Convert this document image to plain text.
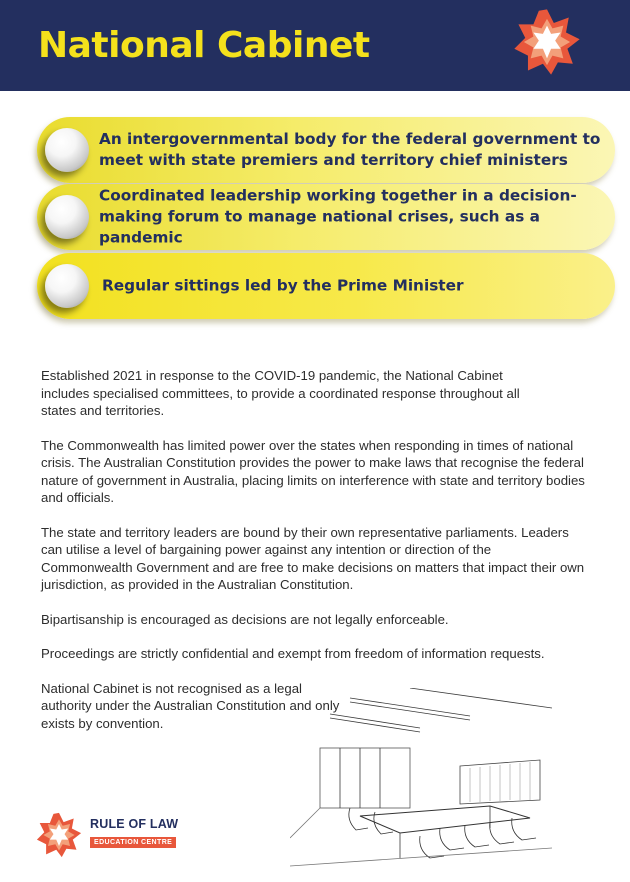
National Cabinet
An intergovernmental body for the federal government to meet with state premiers and territory chief ministers
Coordinated leadership working together in a decision-making forum to manage national crises, such as a pandemic
Regular sittings led by the Prime Minister

Established 2021 in response to the COVID-19 pandemic, the National Cabinet includes specialised committees, to provide a coordinated response throughout all states and territories.

The Commonwealth has limited power over the states when responding in times of national crisis. The Australian Constitution provides the power to make laws that recognise the federal nature of government in Australia, placing limits on interference with state and territory bodies and officials.

The state and territory leaders are bound by their own representative parliaments. Leaders can utilise a level of bargaining power against any intention or direction of the Commonwealth Government and are free to make decisions on matters that impact their own jurisdiction, as provided in the Australian Constitution.

Bipartisanship is encouraged as decisions are not legally enforceable.

Proceedings are strictly confidential and exempt from freedom of information requests.

National Cabinet is not recognised as a legal authority under the Australian Constitution and only exists by convention.

RULE OF LAW
EDUCATION CENTRE
